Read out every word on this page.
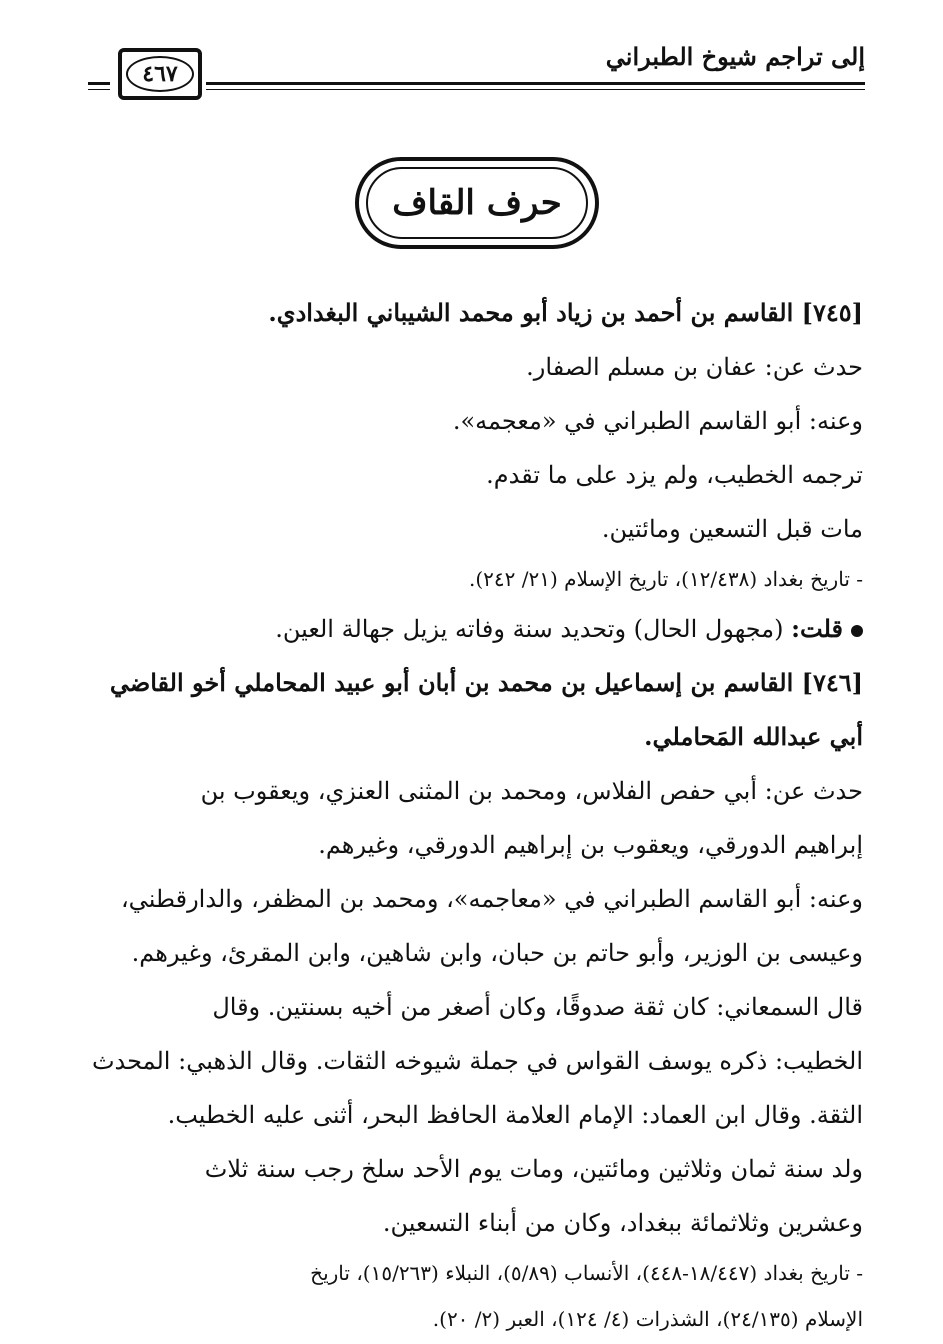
إلى تراجم شيوخ الطبراني
٤٦٧
حرف القاف
[٧٤٥] القاسم بن أحمد بن زياد أبو محمد الشيباني البغدادي.
حدث عن: عفان بن مسلم الصفار.
وعنه: أبو القاسم الطبراني في «معجمه».
ترجمه الخطيب، ولم يزد على ما تقدم.
مات قبل التسعين ومائتين.
- تاريخ بغداد (١٢/٤٣٨)، تاريخ الإسلام (٢١/ ٢٤٢).
قلت: (مجهول الحال) وتحديد سنة وفاته يزيل جهالة العين.
[٧٤٦] القاسم بن إسماعيل بن محمد بن أبان أبو عبيد المحاملي أخو القاضي
أبي عبدالله المَحاملي.
حدث عن: أبي حفص الفلاس، ومحمد بن المثنى العنزي، ويعقوب بن
إبراهيم الدورقي، ويعقوب بن إبراهيم الدورقي، وغيرهم.
وعنه: أبو القاسم الطبراني في «معاجمه»، ومحمد بن المظفر، والدارقطني،
وعيسى بن الوزير، وأبو حاتم بن حبان، وابن شاهين، وابن المقرئ، وغيرهم.
قال السمعاني: كان ثقة صدوقًا، وكان أصغر من أخيه بسنتين. وقال
الخطيب: ذكره يوسف القواس في جملة شيوخه الثقات. وقال الذهبي: المحدث
الثقة. وقال ابن العماد: الإمام العلامة الحافظ البحر، أثنى عليه الخطيب.
ولد سنة ثمان وثلاثين ومائتين، ومات يوم الأحد سلخ رجب سنة ثلاث
وعشرين وثلاثمائة ببغداد، وكان من أبناء التسعين.
- تاريخ بغداد (١٨/٤٤٧-٤٤٨)، الأنساب (٥/٨٩)، النبلاء (١٥/٢٦٣)، تاريخ
الإسلام (٢٤/١٣٥)، الشذرات (٤/ ١٢٤)، العبر (٢/ ٢٠).
